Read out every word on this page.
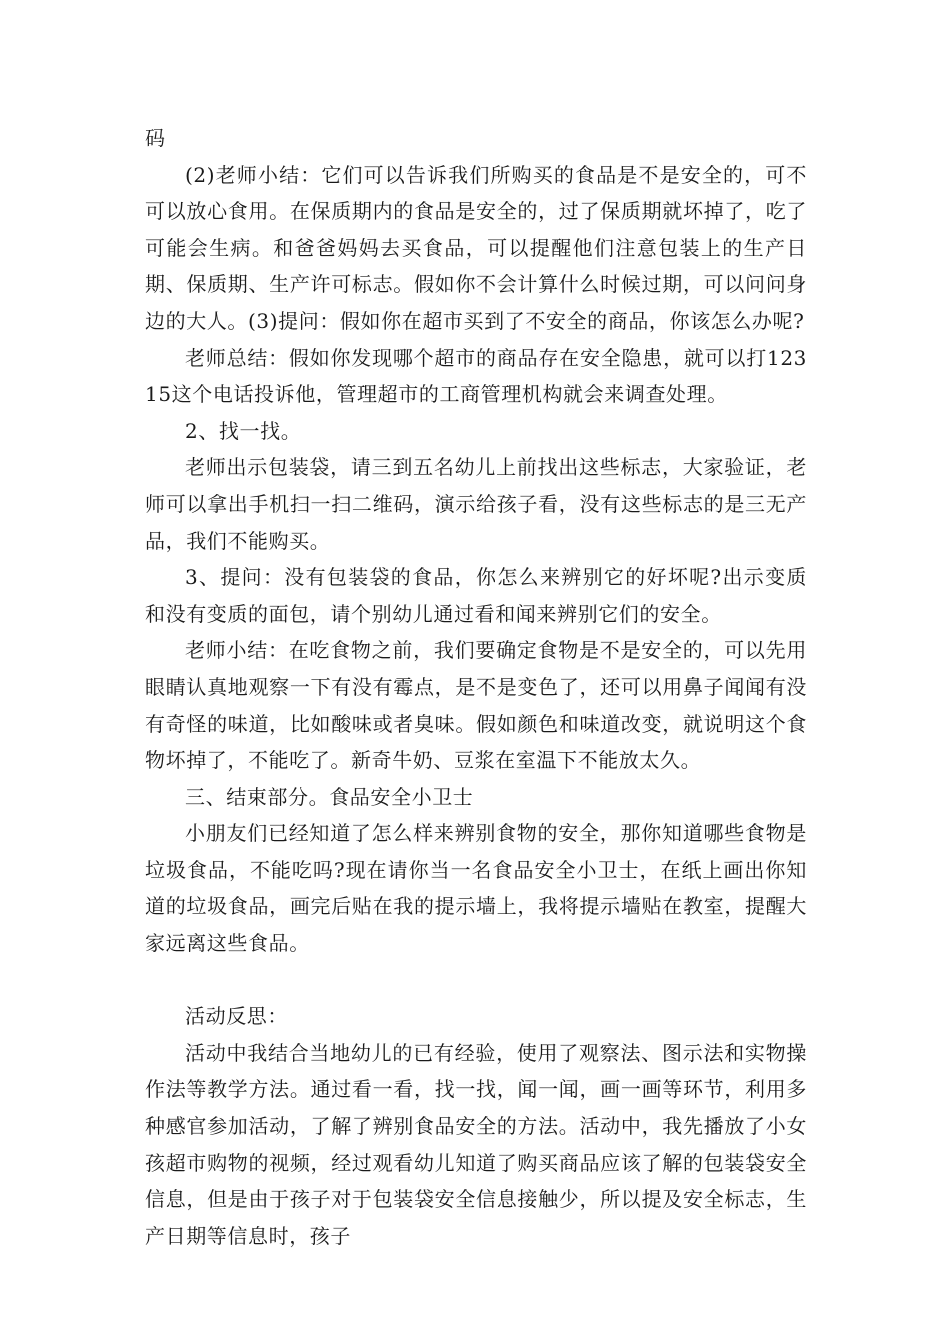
码

(2)老师小结：它们可以告诉我们所购买的食品是不是安全的，可不可以放心食用。在保质期内的食品是安全的，过了保质期就坏掉了，吃了可能会生病。和爸爸妈妈去买食品，可以提醒他们注意包装上的生产日期、保质期、生产许可标志。假如你不会计算什么时候过期，可以问问身边的大人。(3)提问：假如你在超市买到了不安全的商品，你该怎么办呢?

老师总结：假如你发现哪个超市的商品存在安全隐患，就可以打12315这个电话投诉他，管理超市的工商管理机构就会来调查处理。

2、找一找。

老师出示包装袋，请三到五名幼儿上前找出这些标志，大家验证，老师可以拿出手机扫一扫二维码，演示给孩子看，没有这些标志的是三无产品，我们不能购买。

3、提问：没有包装袋的食品，你怎么来辨别它的好坏呢?出示变质和没有变质的面包，请个别幼儿通过看和闻来辨别它们的安全。

老师小结：在吃食物之前，我们要确定食物是不是安全的，可以先用眼睛认真地观察一下有没有霉点，是不是变色了，还可以用鼻子闻闻有没有奇怪的味道，比如酸味或者臭味。假如颜色和味道改变，就说明这个食物坏掉了，不能吃了。新奇牛奶、豆浆在室温下不能放太久。

三、结束部分。食品安全小卫士

小朋友们已经知道了怎么样来辨别食物的安全，那你知道哪些食物是垃圾食品，不能吃吗?现在请你当一名食品安全小卫士，在纸上画出你知道的垃圾食品，画完后贴在我的提示墙上，我将提示墙贴在教室，提醒大家远离这些食品。

活动反思：

活动中我结合当地幼儿的已有经验，使用了观察法、图示法和实物操作法等教学方法。通过看一看，找一找，闻一闻，画一画等环节，利用多种感官参加活动，了解了辨别食品安全的方法。活动中，我先播放了小女孩超市购物的视频，经过观看幼儿知道了购买商品应该了解的包装袋安全信息，但是由于孩子对于包装袋安全信息接触少，所以提及安全标志，生产日期等信息时，孩子
